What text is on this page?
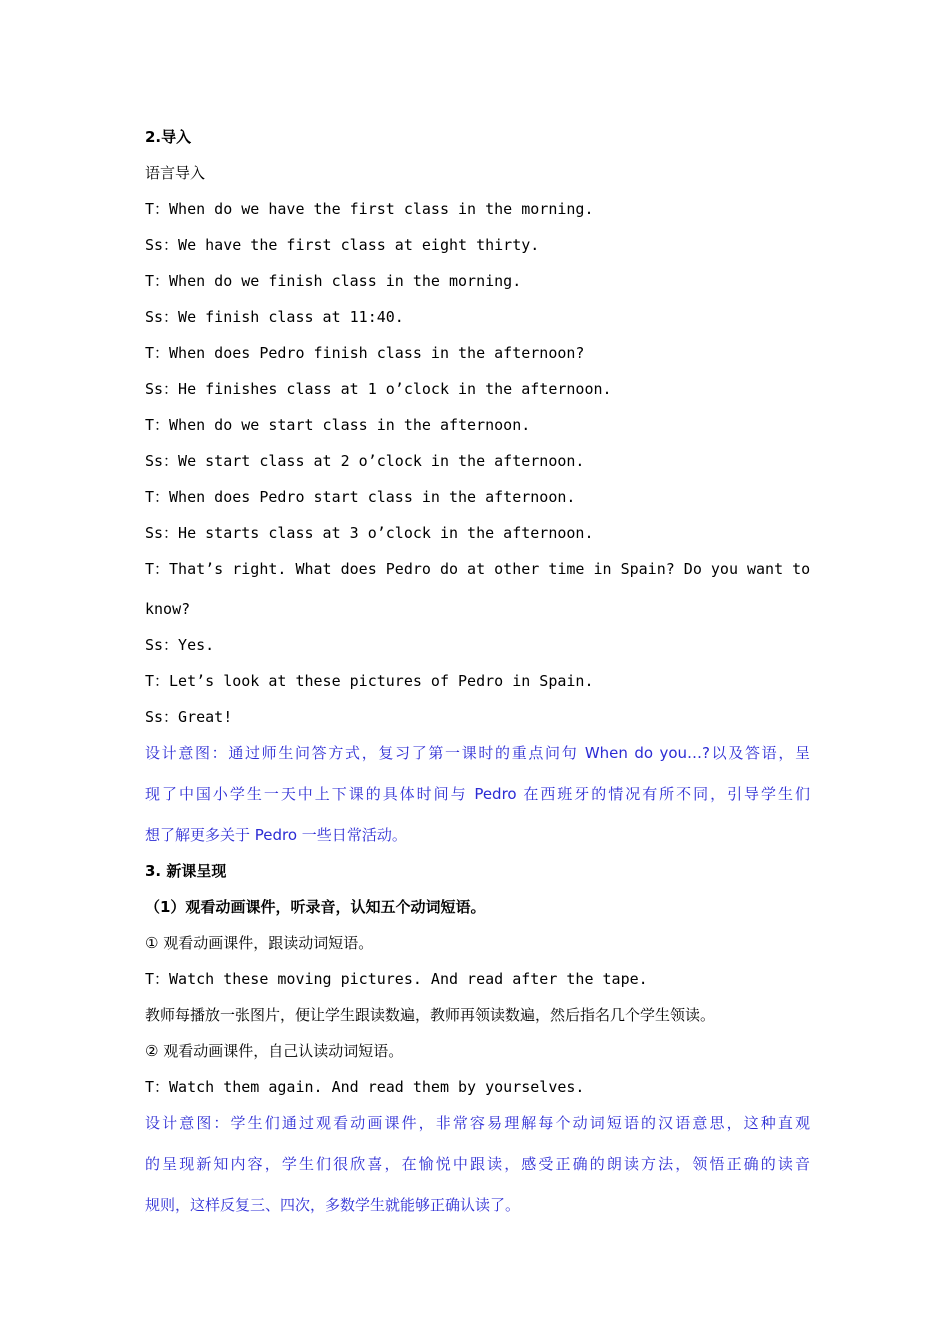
2.导入
语言导入
T：When do we have the first class in the morning.
Ss：We have the first class at eight thirty.
T：When do we finish class in the morning.
Ss：We finish class at 11:40.
T：When does Pedro finish class in the afternoon?
Ss：He finishes class at 1 o’clock in the afternoon.
T：When do we start class in the afternoon.
Ss：We start class at 2 o’clock in the afternoon.
T：When does Pedro start class in the afternoon.
Ss：He starts class at 3 o’clock in the afternoon.
T：That’s right. What does Pedro do at other time in Spain? Do you want to
know?
Ss：Yes.
T：Let’s look at these pictures of Pedro in Spain.
Ss：Great!
设计意图：通过师生问答方式，复习了第一课时的重点问句 When do you…?以及答语，呈
现了中国小学生一天中上下课的具体时间与 Pedro 在西班牙的情况有所不同，引导学生们
想了解更多关于 Pedro 一些日常活动。
3. 新课呈现
（1）观看动画课件，听录音，认知五个动词短语。
① 观看动画课件，跟读动词短语。
T：Watch these moving pictures. And read after the tape.
教师每播放一张图片，便让学生跟读数遍，教师再领读数遍，然后指名几个学生领读。
② 观看动画课件，自己认读动词短语。
T：Watch them again. And read them by yourselves.
设计意图：学生们通过观看动画课件，非常容易理解每个动词短语的汉语意思，这种直观
的呈现新知内容，学生们很欣喜，在愉悦中跟读，感受正确的朗读方法，领悟正确的读音
规则，这样反复三、四次，多数学生就能够正确认读了。
